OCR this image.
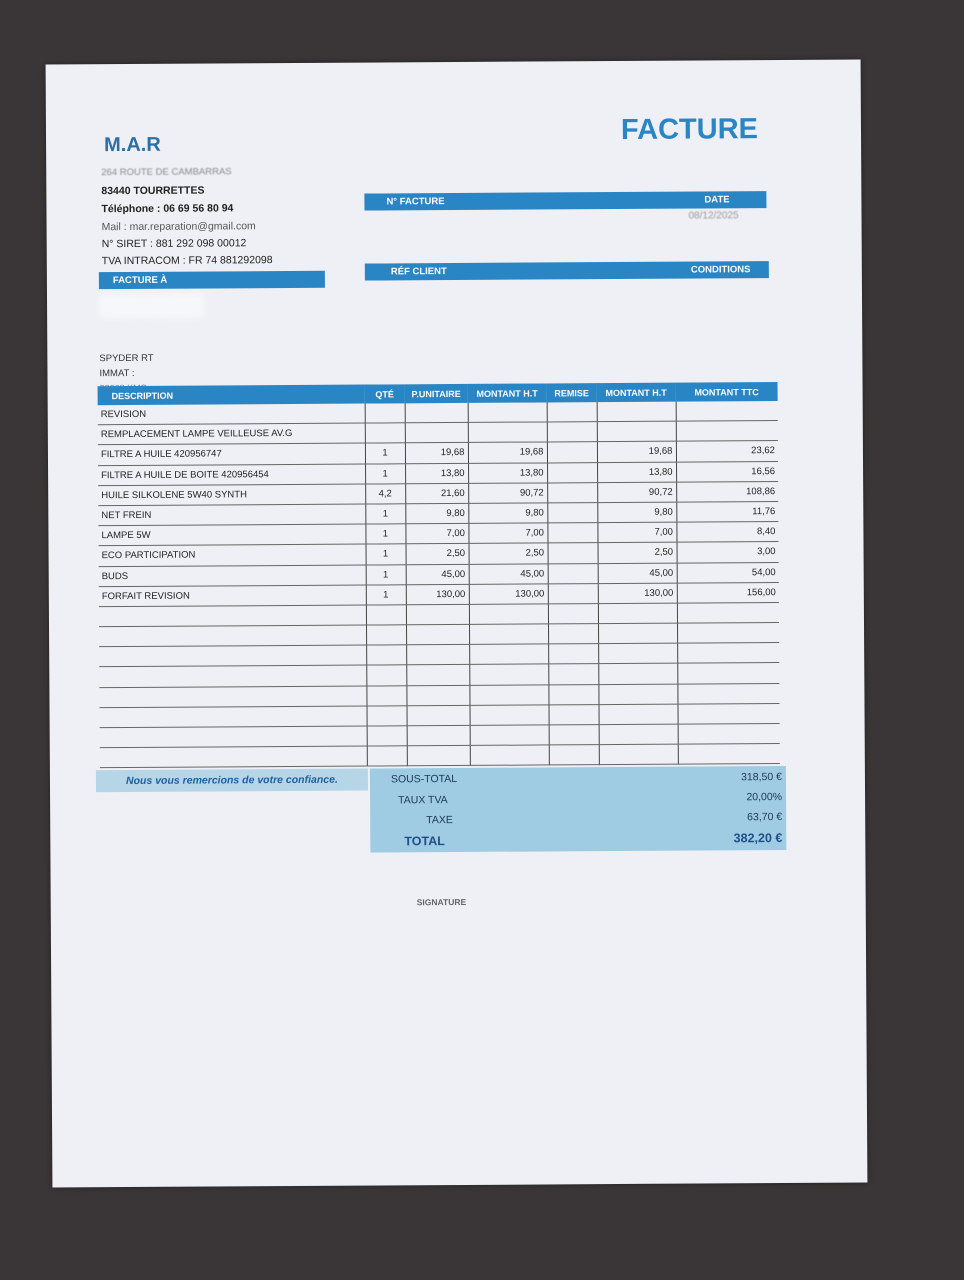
M.A.R	FACTURE
264 ROUTE DE CAMBARRAS
83440 TOURRETTES
Téléphone : 06 69 56 80 94
Mail : mar.reparation@gmail.com
N° SIRET : 881 292 098 00012
TVA INTRACOM : FR 74 881292098
N° FACTURE	DATE
08/12/2025
FACTURE À
RÉF CLIENT	CONDITIONS
SPYDER RT
IMMAT :
DESCRIPTION	QTÉ	P.UNITAIRE	MONTANT H.T	REMISE	MONTANT H.T	MONTANT TTC
REVISION						
REMPLACEMENT LAMPE VEILLEUSE AV.G						
FILTRE A HUILE 420956747	1	19,68	19,68		19,68	23,62
FILTRE A HUILE DE BOITE 420956454	1	13,80	13,80		13,80	16,56
HUILE SILKOLENE 5W40 SYNTH	4,2	21,60	90,72		90,72	108,86
NET FREIN	1	9,80	9,80		9,80	11,76
LAMPE 5W	1	7,00	7,00		7,00	8,40
ECO PARTICIPATION	1	2,50	2,50		2,50	3,00
BUDS	1	45,00	45,00		45,00	54,00
FORFAIT REVISION	1	130,00	130,00		130,00	156,00

Nous vous remercions de votre confiance.	SOUS-TOTAL	318,50 €
TAUX TVA	20,00%
TAXE	63,70 €
TOTAL	382,20 €
SIGNATURE
